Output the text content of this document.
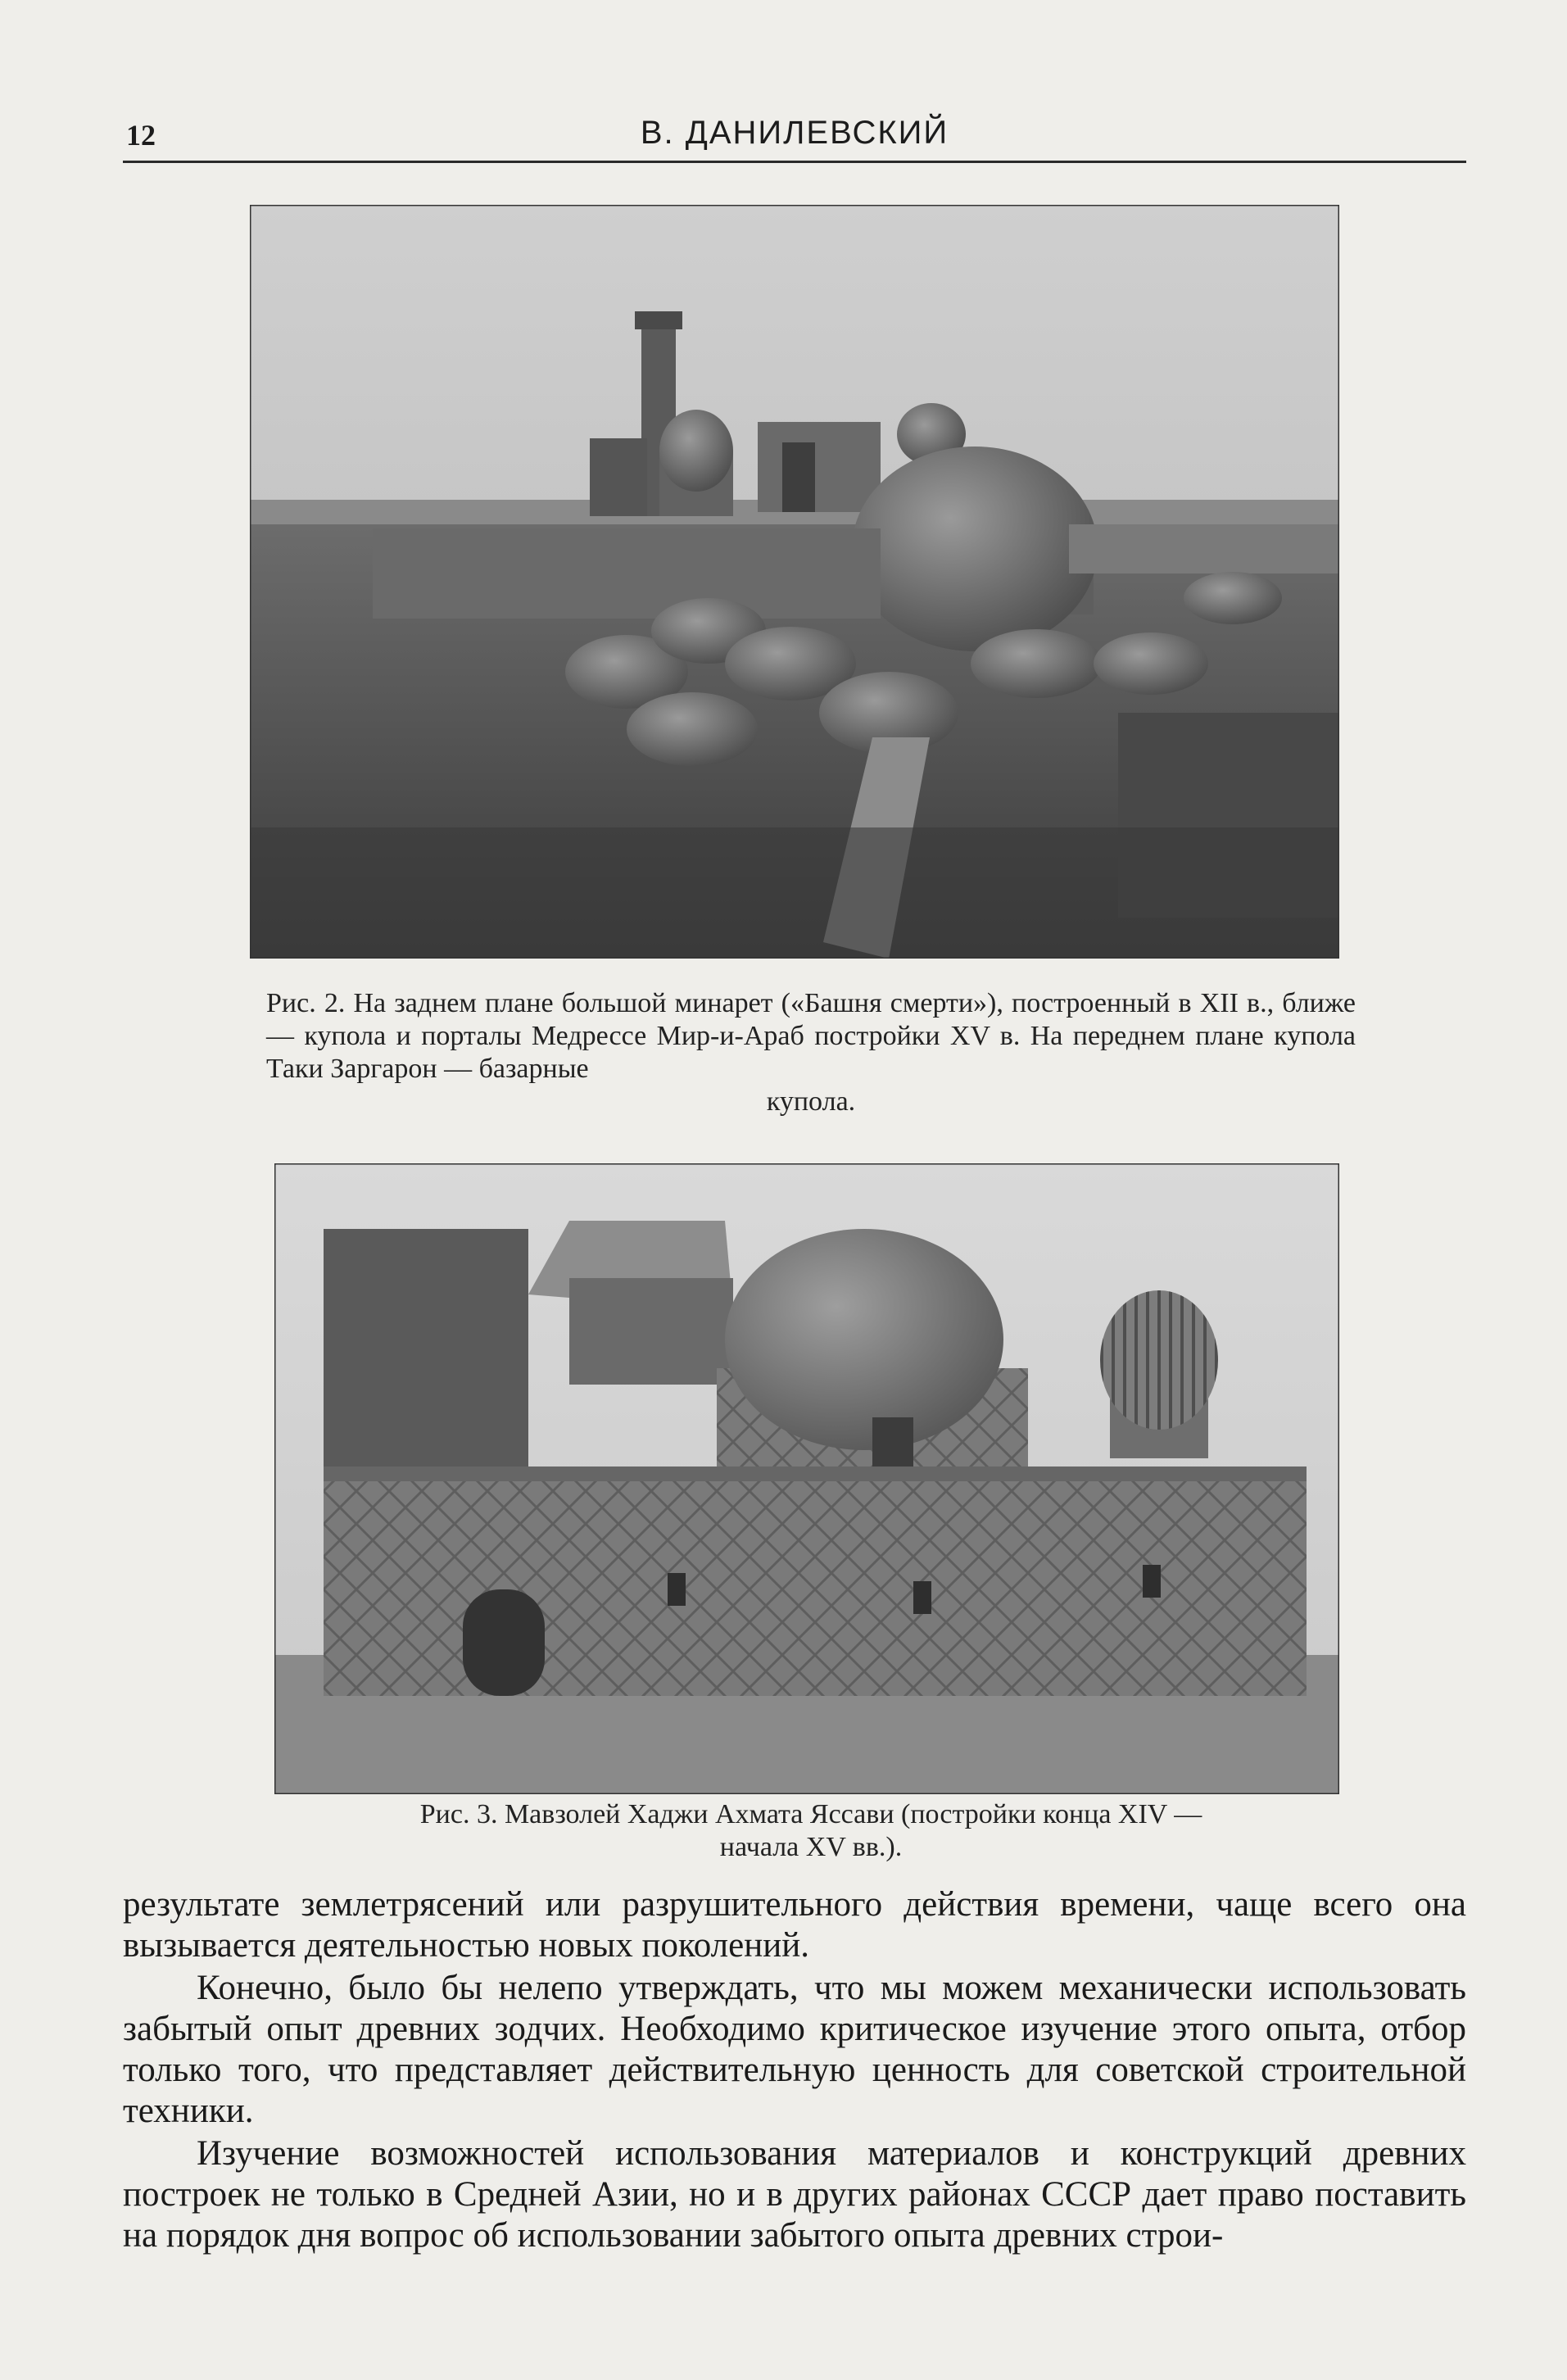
12	В. ДАНИЛЕВСКИЙ
Рис. 2. На заднем плане большой минарет («Башня смерти»), построенный в XII в., ближе — купола и порталы Медрессе Мир-и-Араб постройки XV в. На переднем плане купола Таки Заргарон — базарные
купола.
Рис. 3. Мавзолей Хаджи Ахмата Яссави (постройки конца XIV —
начала XV вв.).

результате землетрясений или разрушительного действия времени, чаще всего она вызывается деятельностью новых поколений.

Конечно, было бы нелепо утверждать, что мы можем механически использовать забытый опыт древних зодчих. Необходимо критическое изучение этого опыта, отбор только того, что представляет действительную ценность для советской строительной техники.

Изучение возможностей использования материалов и конструкций древних построек не только в Средней Азии, но и в других районах СССР дает право поставить на порядок дня вопрос об использовании забытого опыта древних строи-
